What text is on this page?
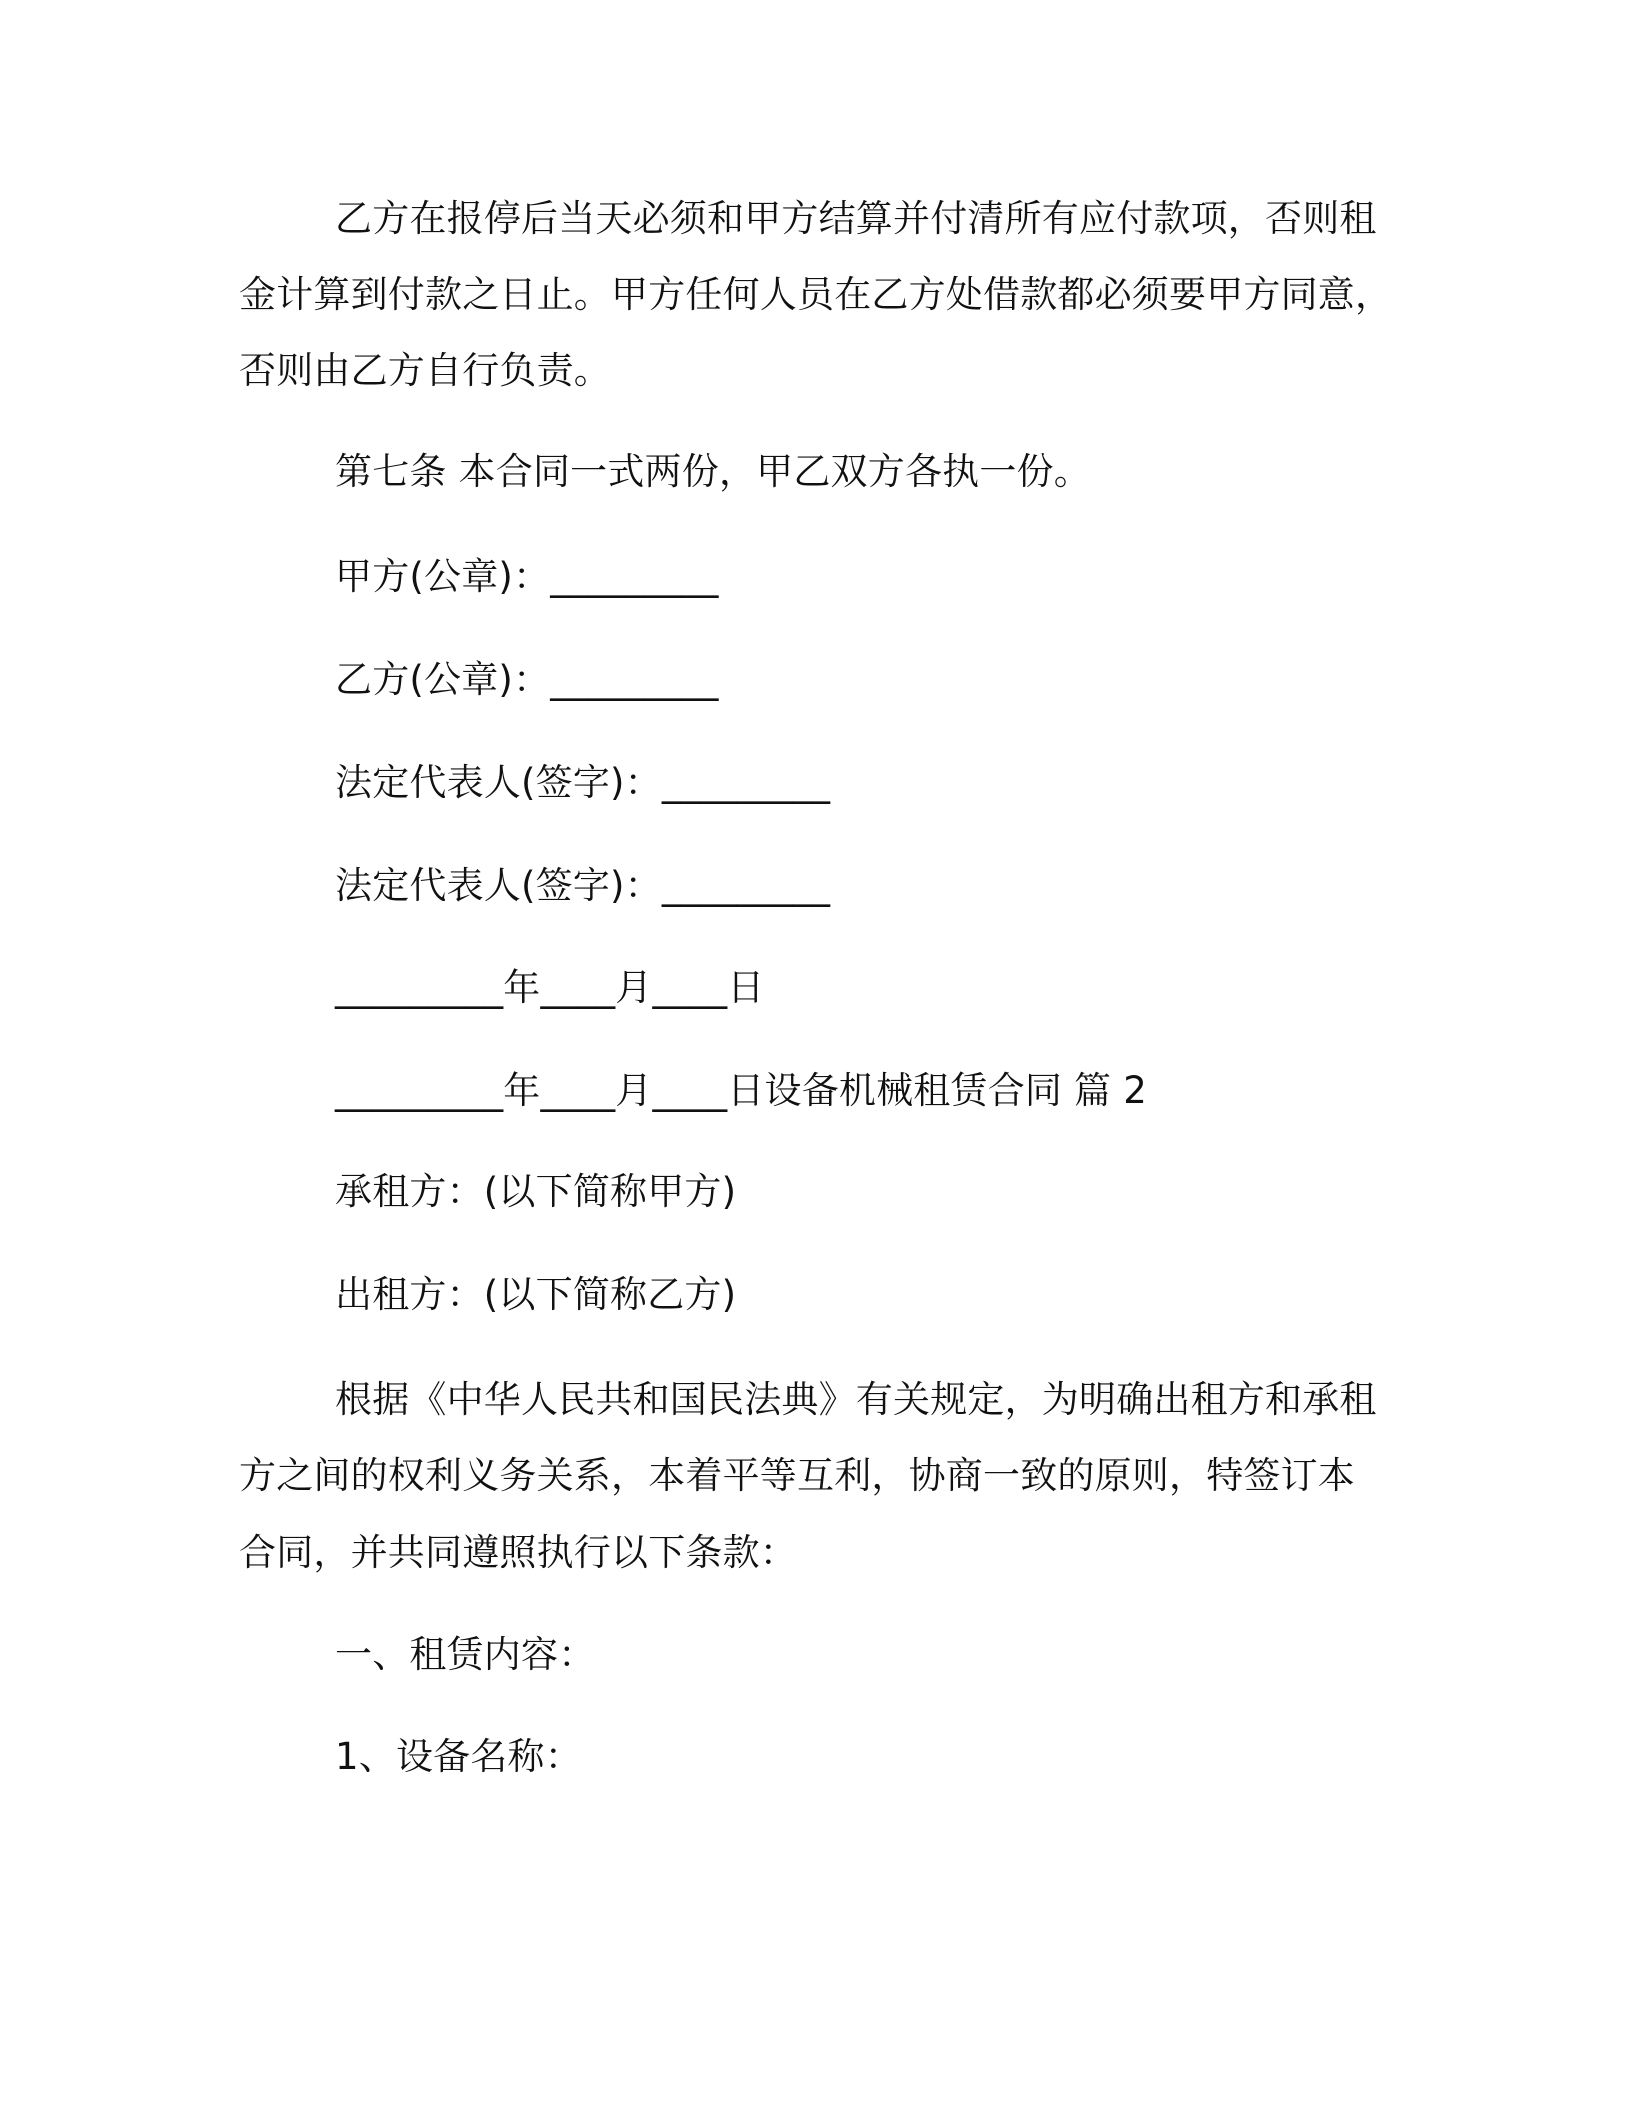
乙方在报停后当天必须和甲方结算并付清所有应付款项，否则租
金计算到付款之日止。甲方任何人员在乙方处借款都必须要甲方同意，
否则由乙方自行负责。
第七条 本合同一式两份，甲乙双方各执一份。
甲方(公章)：_________
乙方(公章)：_________
法定代表人(签字)：_________
法定代表人(签字)：_________
_________年____月____日
_________年____月____日设备机械租赁合同 篇 2
承租方：(以下简称甲方)
出租方：(以下简称乙方)
根据《中华人民共和国民法典》有关规定，为明确出租方和承租
方之间的权利义务关系，本着平等互利，协商一致的原则，特签订本
合同，并共同遵照执行以下条款：
一、租赁内容：
1、设备名称：
